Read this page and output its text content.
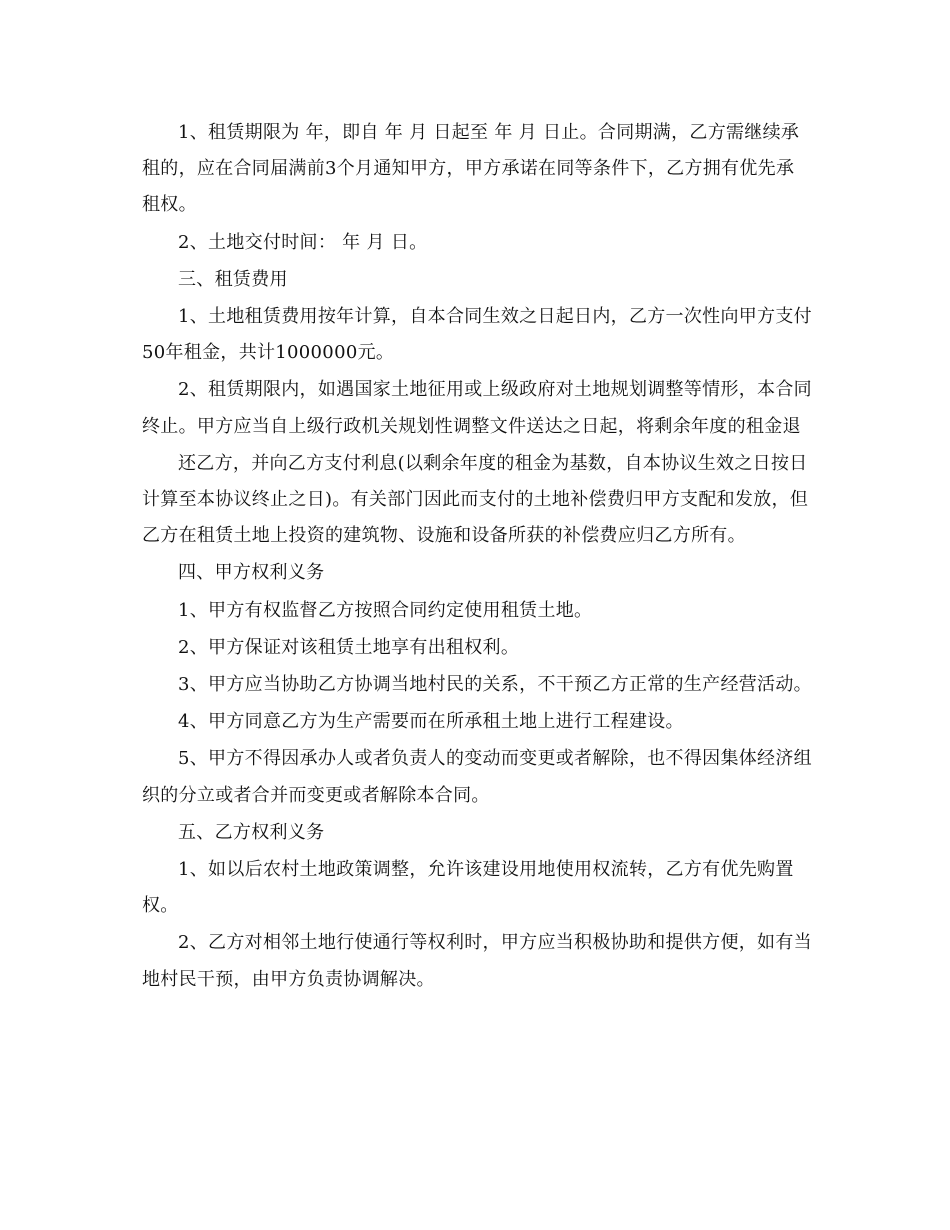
1、租赁期限为 年，即自 年 月 日起至 年 月 日止。合同期满，乙方需继续承租的，应在合同届满前3个月通知甲方，甲方承诺在同等条件下，乙方拥有优先承租权。

2、土地交付时间： 年 月 日。

三、租赁费用

1、土地租赁费用按年计算，自本合同生效之日起日内，乙方一次性向甲方支付50年租金，共计1000000元。

2、租赁期限内，如遇国家土地征用或上级政府对土地规划调整等情形，本合同终止。甲方应当自上级行政机关规划性调整文件送达之日起，将剩余年度的租金退

还乙方，并向乙方支付利息(以剩余年度的租金为基数，自本协议生效之日按日 计算至本协议终止之日)。有关部门因此而支付的土地补偿费归甲方支配和发放，但乙方在租赁土地上投资的建筑物、设施和设备所获的补偿费应归乙方所有。

四、甲方权利义务

1、甲方有权监督乙方按照合同约定使用租赁土地。

2、甲方保证对该租赁土地享有出租权利。

3、甲方应当协助乙方协调当地村民的关系，不干预乙方正常的生产经营活动。

4、甲方同意乙方为生产需要而在所承租土地上进行工程建设。

5、甲方不得因承办人或者负责人的变动而变更或者解除，也不得因集体经济组织的分立或者合并而变更或者解除本合同。

五、乙方权利义务

1、如以后农村土地政策调整，允许该建设用地使用权流转，乙方有优先购置权。

2、乙方对相邻土地行使通行等权利时，甲方应当积极协助和提供方便，如有当地村民干预，由甲方负责协调解决。
